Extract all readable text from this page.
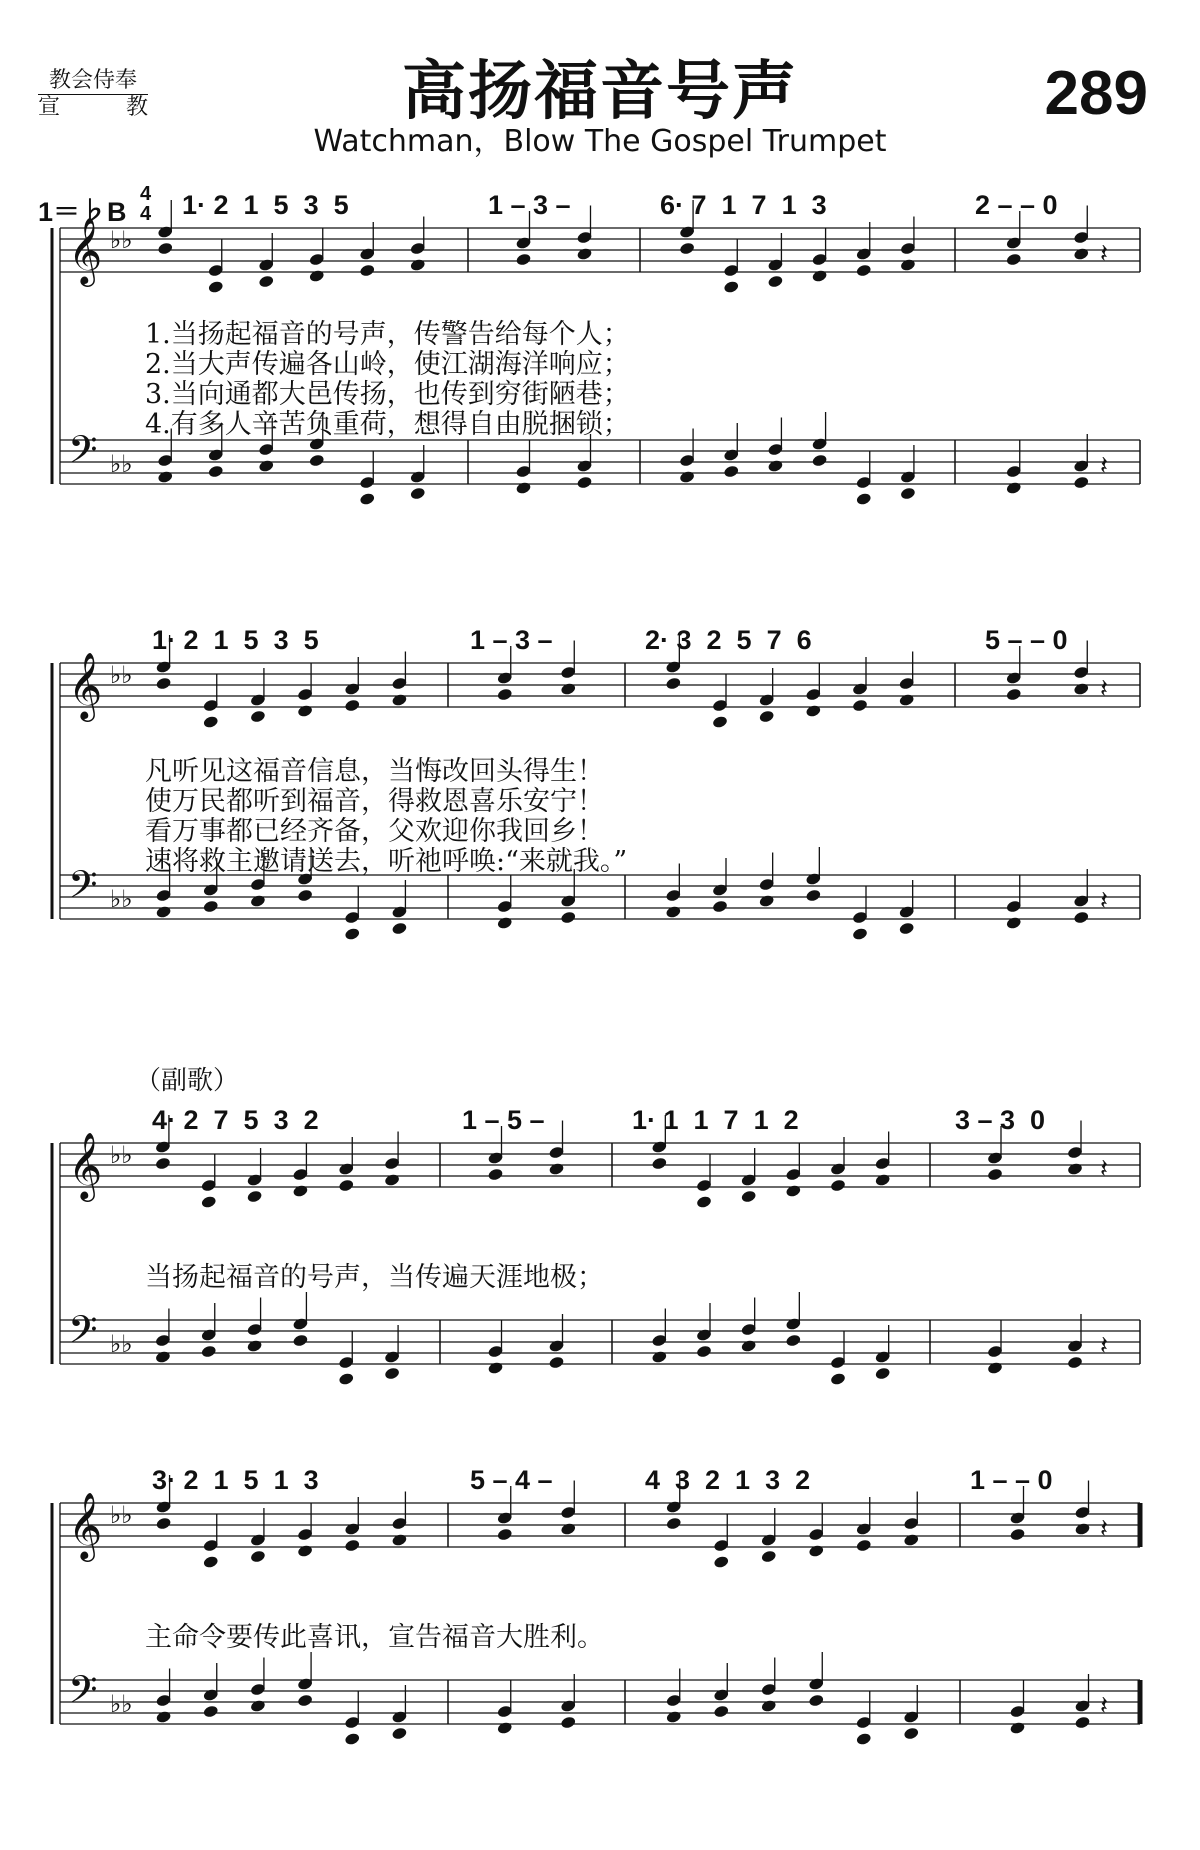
教会侍奉
宣	教	高扬福音号声
Watchman，Blow The Gospel Trumpet
289
1＝♭B
4
4 1· 2  1  5  3  5	1 – 3 –	6· 7  1  7  1  3	2 – – 0
𝄞 ♭♭
𝄢 ♭♭
𝄽
𝄽
1.当扬起福音的号声，传警告给每个人；
2.当大声传遍各山岭，使江湖海洋响应；
3.当向通都大邑传扬，也传到穷街陋巷；
4.有多人辛苦负重荷，想得自由脱捆锁；
1· 2  1  5  3  5	1 – 3 –	2· 3  2  5  7  6	5 – – 0
𝄞 ♭♭
𝄢 ♭♭
𝄽
𝄽
凡听见这福音信息，当悔改回头得生！
使万民都听到福音，得救恩喜乐安宁！
看万事都已经齐备，父欢迎你我回乡！
速将救主邀请送去，听祂呼唤:“来就我。”
（副歌）
4· 2  7  5  3  2	1 – 5 –	1· 1  1  7  1  2	3 – 3  0
𝄞 ♭♭
𝄢 ♭♭
𝄽
𝄽
当扬起福音的号声，当传遍天涯地极；
3· 2  1  5  1  3	5 – 4 –	4  3  2  1  3  2	1 – – 0
𝄞 ♭♭
𝄢 ♭♭
𝄽
𝄽
主命令要传此喜讯，宣告福音大胜利。
